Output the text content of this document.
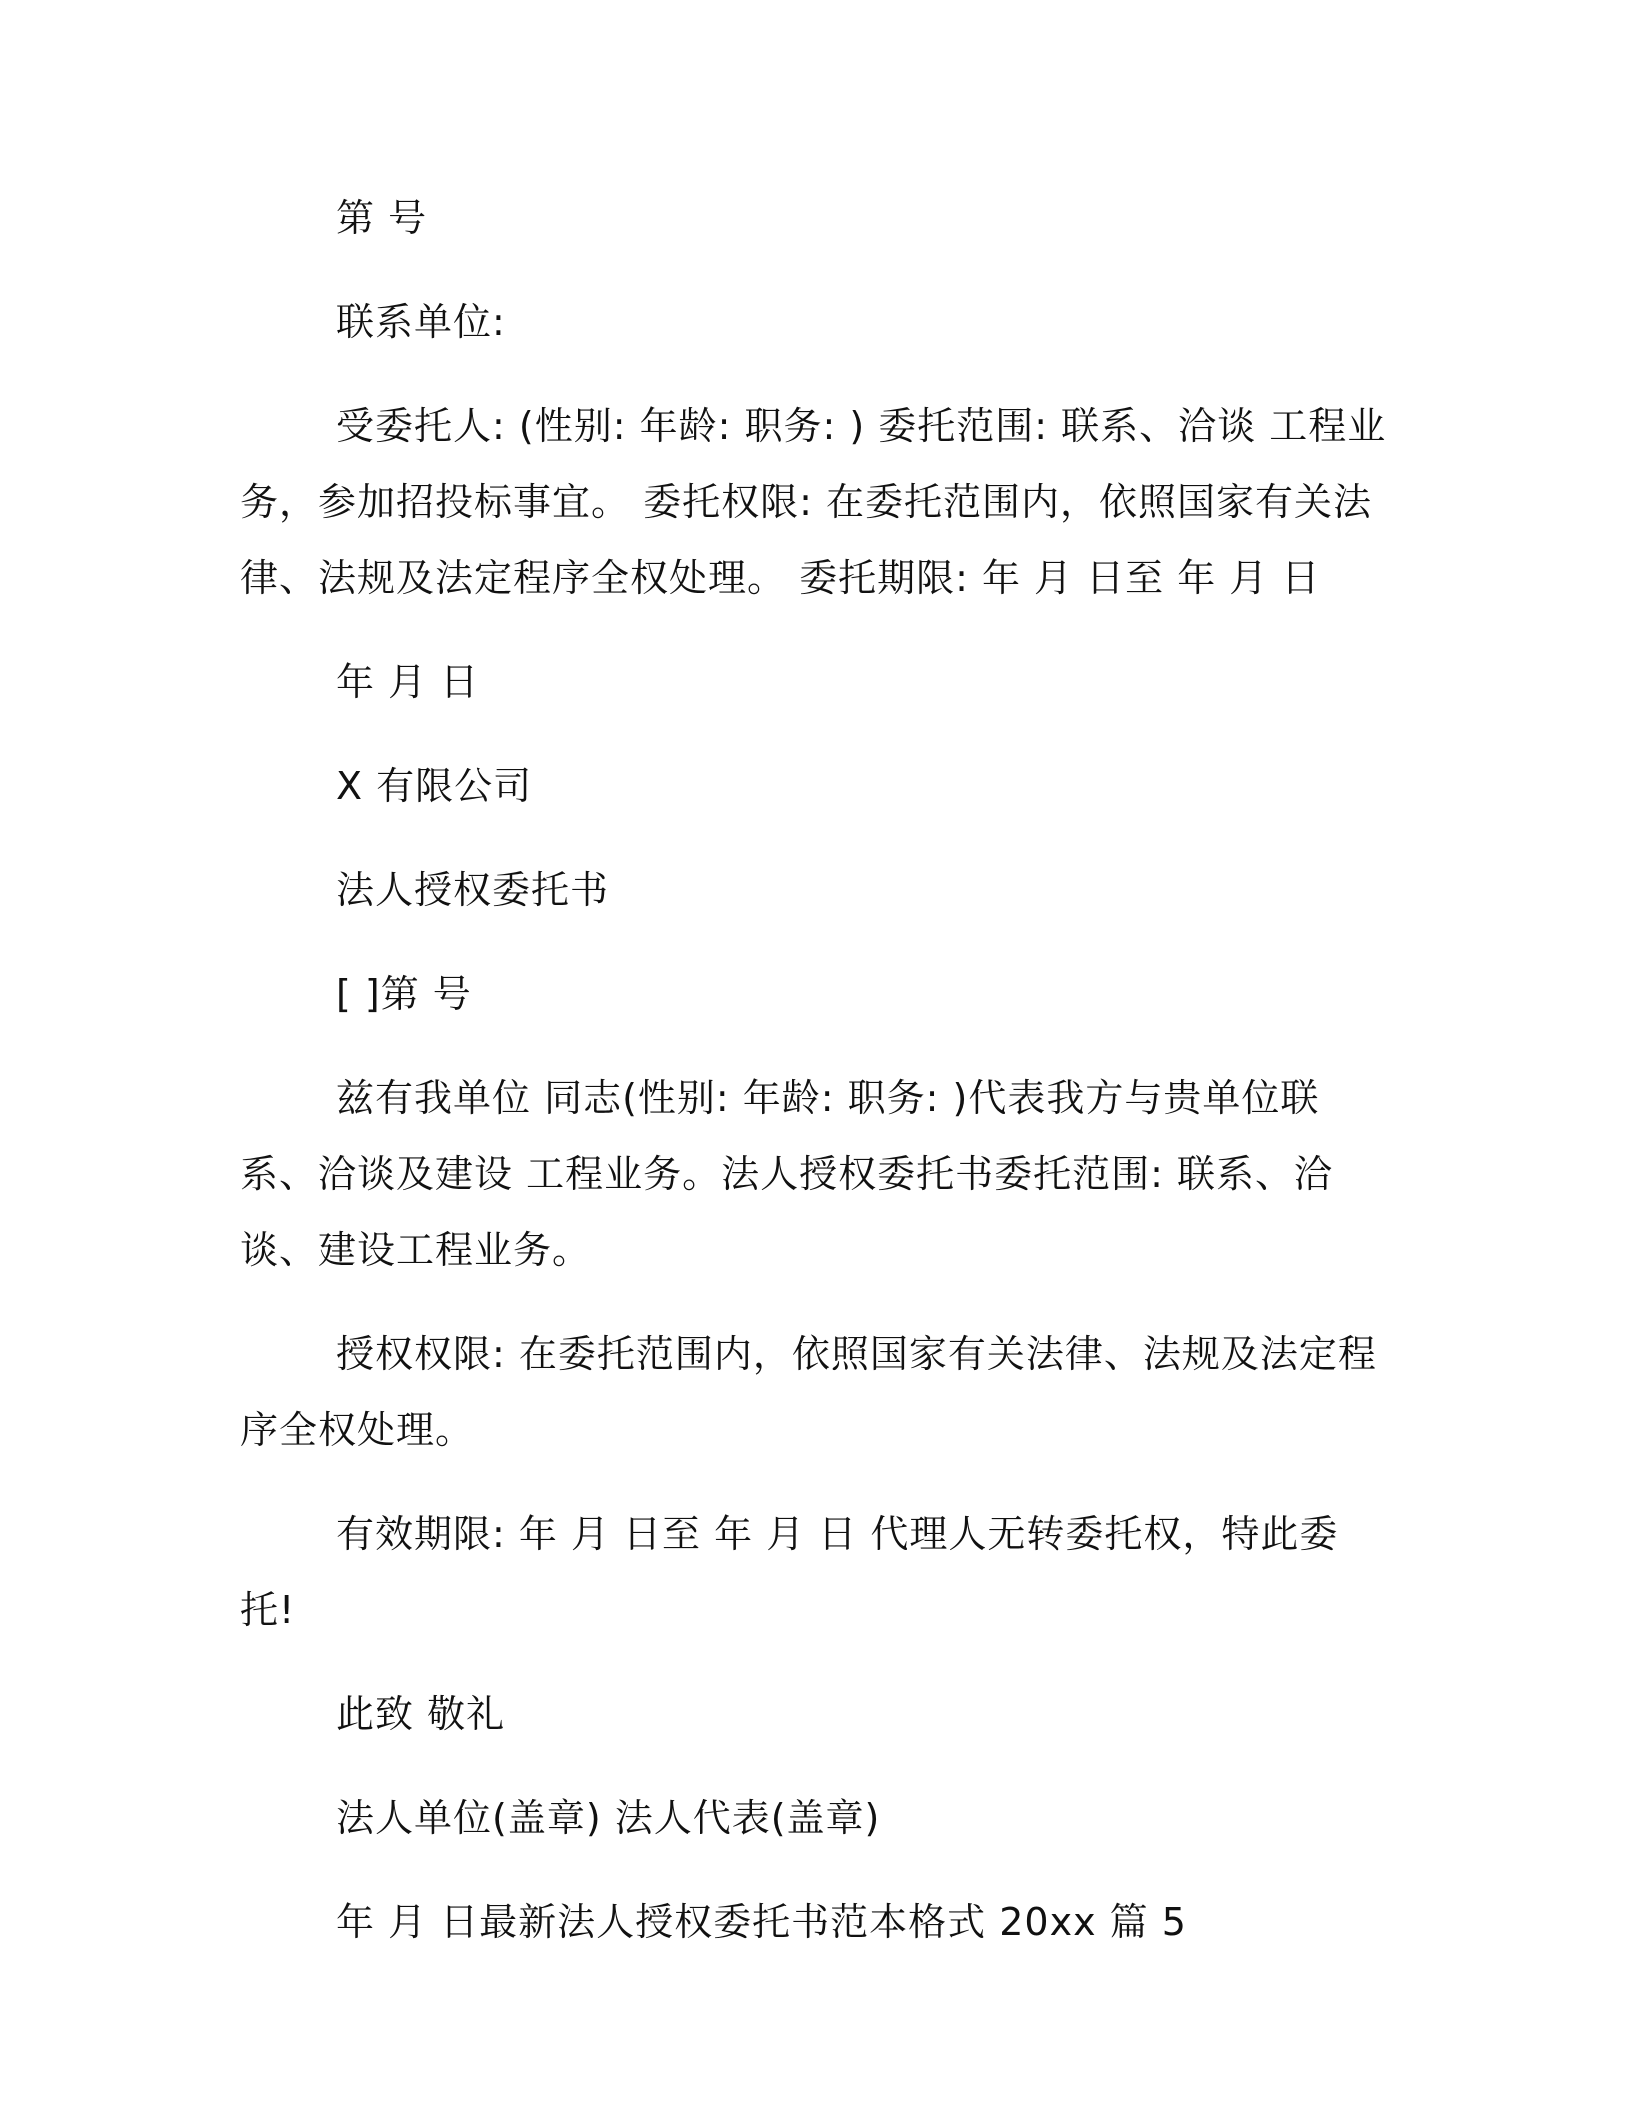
第 号

联系单位:

受委托人: (性别: 年龄: 职务: ) 委托范围: 联系、洽谈 工程业务，参加招投标事宜。 委托权限: 在委托范围内，依照国家有关法律、法规及法定程序全权处理。 委托期限: 年 月 日至 年 月 日

年 月 日

X 有限公司

法人授权委托书

[ ]第 号

兹有我单位 同志(性别: 年龄: 职务: )代表我方与贵单位联系、洽谈及建设 工程业务。法人授权委托书委托范围: 联系、洽谈、建设工程业务。

授权权限: 在委托范围内，依照国家有关法律、法规及法定程序全权处理。

有效期限: 年 月 日至 年 月 日 代理人无转委托权，特此委托!

此致 敬礼

法人单位(盖章) 法人代表(盖章)

年 月 日最新法人授权委托书范本格式 20xx 篇 5
